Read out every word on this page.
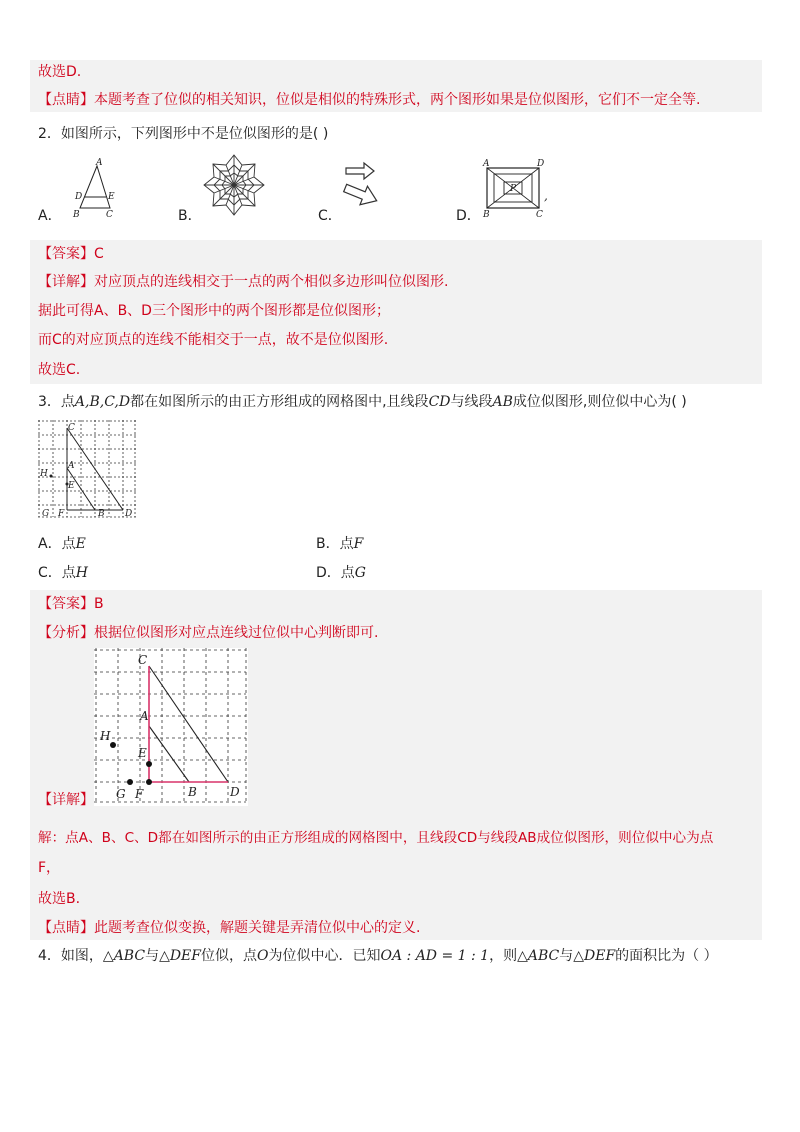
故选D.
【点睛】本题考查了位似的相关知识，位似是相似的特殊形式，两个图形如果是位似图形，它们不一定全等.
2．如图所示，下列图形中不是位似图形的是( )
A．
A
D	E
B	C	B．	C．	D．
A	D
B	C
P ,
【答案】C
【详解】对应顶点的连线相交于一点的两个相似多边形叫位似图形.
据此可得A、B、D三个图形中的两个图形都是位似图形；
而C的对应顶点的连线不能相交于一点，故不是位似图形.
故选C.
3．点A,B,C,D都在如图所示的由正方形组成的网格图中,且线段CD与线段AB成位似图形,则位似中心为( )
C
A
H
E
G F	B D
A．点E	B．点F
C．点H	D．点G
【答案】B
【分析】根据位似图形对应点连线过位似中心判断即可.
C
A
H
E
G F	B	D
【详解】
解：点A、B、C、D都在如图所示的由正方形组成的网格图中，且线段CD与线段AB成位似图形，则位似中心为点
F，
故选B.
【点睛】此题考查位似变换，解题关键是弄清位似中心的定义.
4．如图，△ABC与△DEF位似，点O为位似中心．已知OA : AD = 1 : 1，则△ABC与△DEF的面积比为（ ）
